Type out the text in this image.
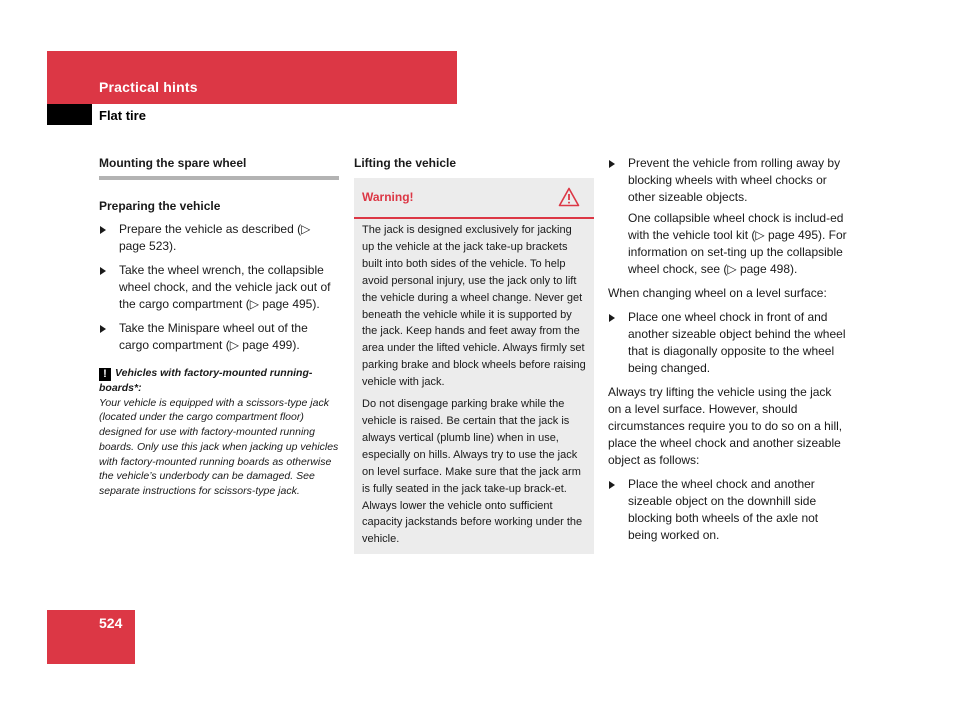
Practical hints
Flat tire
Mounting the spare wheel
Preparing the vehicle
Prepare the vehicle as described (▷ page 523).
Take the wheel wrench, the collapsible wheel chock, and the vehicle jack out of the cargo compartment (▷ page 495).
Take the Minispare wheel out of the cargo compartment (▷ page 499).
! Vehicles with factory-mounted running-boards*:
Your vehicle is equipped with a scissors-type jack (located under the cargo compartment floor) designed for use with factory-mounted running boards. Only use this jack when jacking up vehicles with factory-mounted running boards as otherwise the vehicle’s underbody can be damaged. See separate instructions for scissors-type jack.
Lifting the vehicle
Warning!
The jack is designed exclusively for jacking up the vehicle at the jack take-up brackets built into both sides of the vehicle. To help avoid personal injury, use the jack only to lift the vehicle during a wheel change. Never get beneath the vehicle while it is supported by the jack. Keep hands and feet away from the area under the lifted vehicle. Always firmly set parking brake and block wheels before raising vehicle with jack.
Do not disengage parking brake while the vehicle is raised. Be certain that the jack is always vertical (plumb line) when in use, especially on hills. Always try to use the jack on level surface. Make sure that the jack arm is fully seated in the jack take-up brack-et. Always lower the vehicle onto sufficient capacity jackstands before working under the vehicle.
Prevent the vehicle from rolling away by blocking wheels with wheel chocks or other sizeable objects.
One collapsible wheel chock is includ-ed with the vehicle tool kit (▷ page 495). For information on set-ting up the collapsible wheel chock, see (▷ page 498).
When changing wheel on a level surface:
Place one wheel chock in front of and another sizeable object behind the wheel that is diagonally opposite to the wheel being changed.
Always try lifting the vehicle using the jack on a level surface. However, should circumstances require you to do so on a hill, place the wheel chock and another sizeable object as follows:
Place the wheel chock and another sizeable object on the downhill side blocking both wheels of the axle not being worked on.
524
